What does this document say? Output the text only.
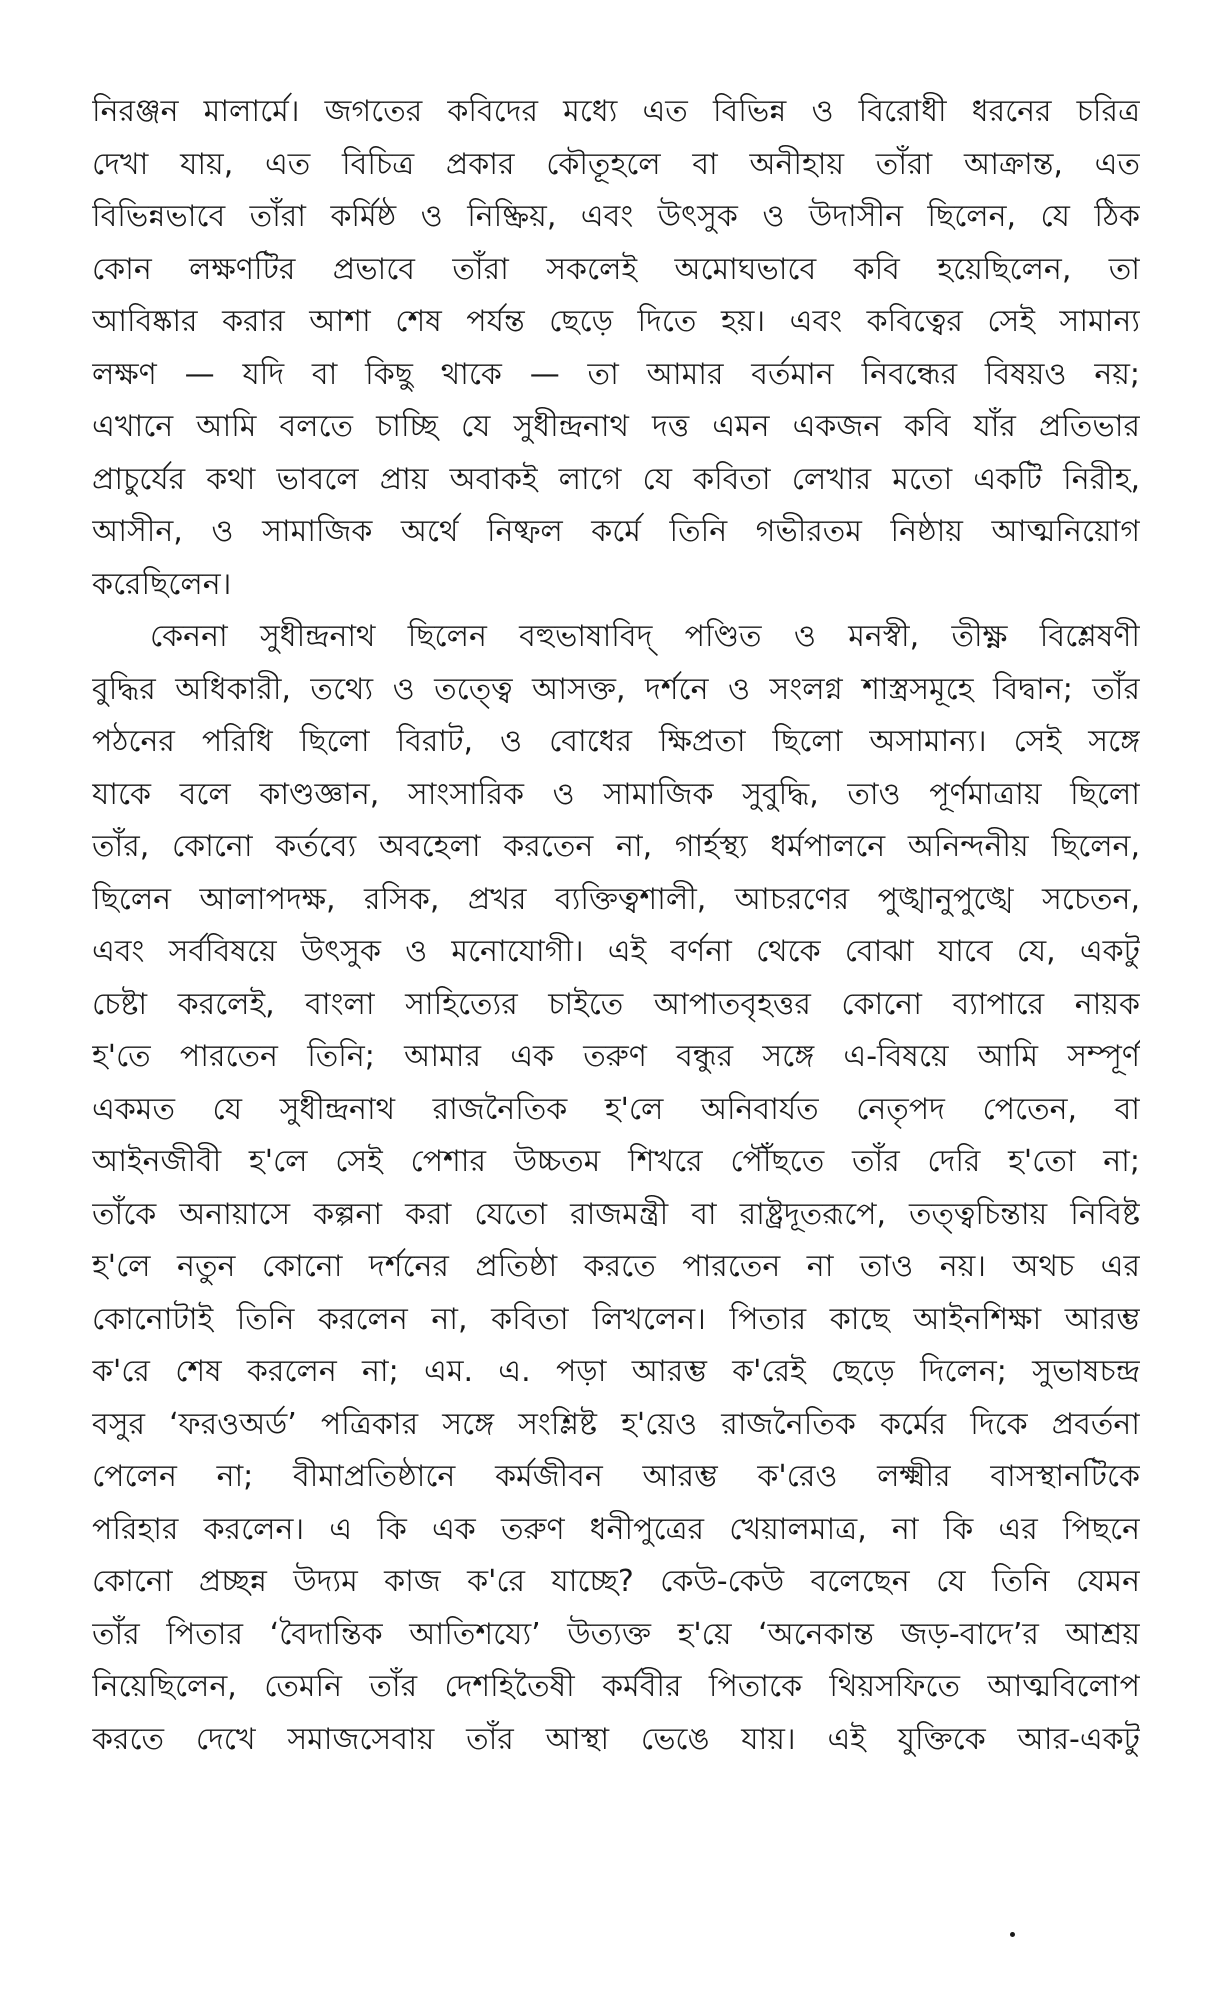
নিরঞ্জন মালার্মে। জগতের কবিদের মধ্যে এত বিভিন্ন ও বিরোধী ধরনের চরিত্র
দেখা যায়, এত বিচিত্র প্রকার কৌতূহলে বা অনীহায় তাঁরা আক্রান্ত, এত
বিভিন্নভাবে তাঁরা কর্মিষ্ঠ ও নিষ্ক্রিয়, এবং উৎসুক ও উদাসীন ছিলেন, যে ঠিক
কোন লক্ষণটির প্রভাবে তাঁরা সকলেই অমোঘভাবে কবি হয়েছিলেন, তা
আবিষ্কার করার আশা শেষ পর্যন্ত ছেড়ে দিতে হয়। এবং কবিত্বের সেই সামান্য
লক্ষণ — যদি বা কিছু থাকে — তা আমার বর্তমান নিবন্ধের বিষয়ও নয়;
এখানে আমি বলতে চাচ্ছি যে সুধীন্দ্রনাথ দত্ত এমন একজন কবি যাঁর প্রতিভার
প্রাচুর্যের কথা ভাবলে প্রায় অবাকই লাগে যে কবিতা লেখার মতো একটি নিরীহ,
আসীন, ও সামাজিক অর্থে নিষ্ফল কর্মে তিনি গভীরতম নিষ্ঠায় আত্মনিয়োগ
করেছিলেন।
কেননা সুধীন্দ্রনাথ ছিলেন বহুভাষাবিদ্ পণ্ডিত ও মনস্বী, তীক্ষ্ণ বিশ্লেষণী
বুদ্ধির অধিকারী, তথ্যে ও তত্ত্বে আসক্ত, দর্শনে ও সংলগ্ন শাস্ত্রসমূহে বিদ্বান; তাঁর
পঠনের পরিধি ছিলো বিরাট, ও বোধের ক্ষিপ্রতা ছিলো অসামান্য। সেই সঙ্গে
যাকে বলে কাণ্ডজ্ঞান, সাংসারিক ও সামাজিক সুবুদ্ধি, তাও পূর্ণমাত্রায় ছিলো
তাঁর, কোনো কর্তব্যে অবহেলা করতেন না, গার্হস্থ্য ধর্মপালনে অনিন্দনীয় ছিলেন,
ছিলেন আলাপদক্ষ, রসিক, প্রখর ব্যক্তিত্বশালী, আচরণের পুঙ্খানুপুঙ্খে সচেতন,
এবং সর্ববিষয়ে উৎসুক ও মনোযোগী। এই বর্ণনা থেকে বোঝা যাবে যে, একটু
চেষ্টা করলেই, বাংলা সাহিত্যের চাইতে আপাতবৃহত্তর কোনো ব্যাপারে নায়ক
হ'তে পারতেন তিনি; আমার এক তরুণ বন্ধুর সঙ্গে এ-বিষয়ে আমি সম্পূর্ণ
একমত যে সুধীন্দ্রনাথ রাজনৈতিক হ'লে অনিবার্যত নেতৃপদ পেতেন, বা
আইনজীবী হ'লে সেই পেশার উচ্চতম শিখরে পৌঁছতে তাঁর দেরি হ'তো না;
তাঁকে অনায়াসে কল্পনা করা যেতো রাজমন্ত্রী বা রাষ্ট্রদূতরূপে, তত্ত্বচিন্তায় নিবিষ্ট
হ'লে নতুন কোনো দর্শনের প্রতিষ্ঠা করতে পারতেন না তাও নয়। অথচ এর
কোনোটাই তিনি করলেন না, কবিতা লিখলেন। পিতার কাছে আইনশিক্ষা আরম্ভ
ক'রে শেষ করলেন না; এম. এ. পড়া আরম্ভ ক'রেই ছেড়ে দিলেন; সুভাষচন্দ্র
বসুর ‘ফরওঅর্ড’ পত্রিকার সঙ্গে সংশ্লিষ্ট হ'য়েও রাজনৈতিক কর্মের দিকে প্রবর্তনা
পেলেন না; বীমাপ্রতিষ্ঠানে কর্মজীবন আরম্ভ ক'রেও লক্ষ্মীর বাসস্থানটিকে
পরিহার করলেন। এ কি এক তরুণ ধনীপুত্রের খেয়ালমাত্র, না কি এর পিছনে
কোনো প্রচ্ছন্ন উদ্যম কাজ ক'রে যাচ্ছে? কেউ-কেউ বলেছেন যে তিনি যেমন
তাঁর পিতার ‘বৈদান্তিক আতিশয্যে’ উত্যক্ত হ'য়ে ‘অনেকান্ত জড়-বাদে’র আশ্রয়
নিয়েছিলেন, তেমনি তাঁর দেশহিতৈষী কর্মবীর পিতাকে থিয়সফিতে আত্মবিলোপ
করতে দেখে সমাজসেবায় তাঁর আস্থা ভেঙে যায়। এই যুক্তিকে আর-একটু
